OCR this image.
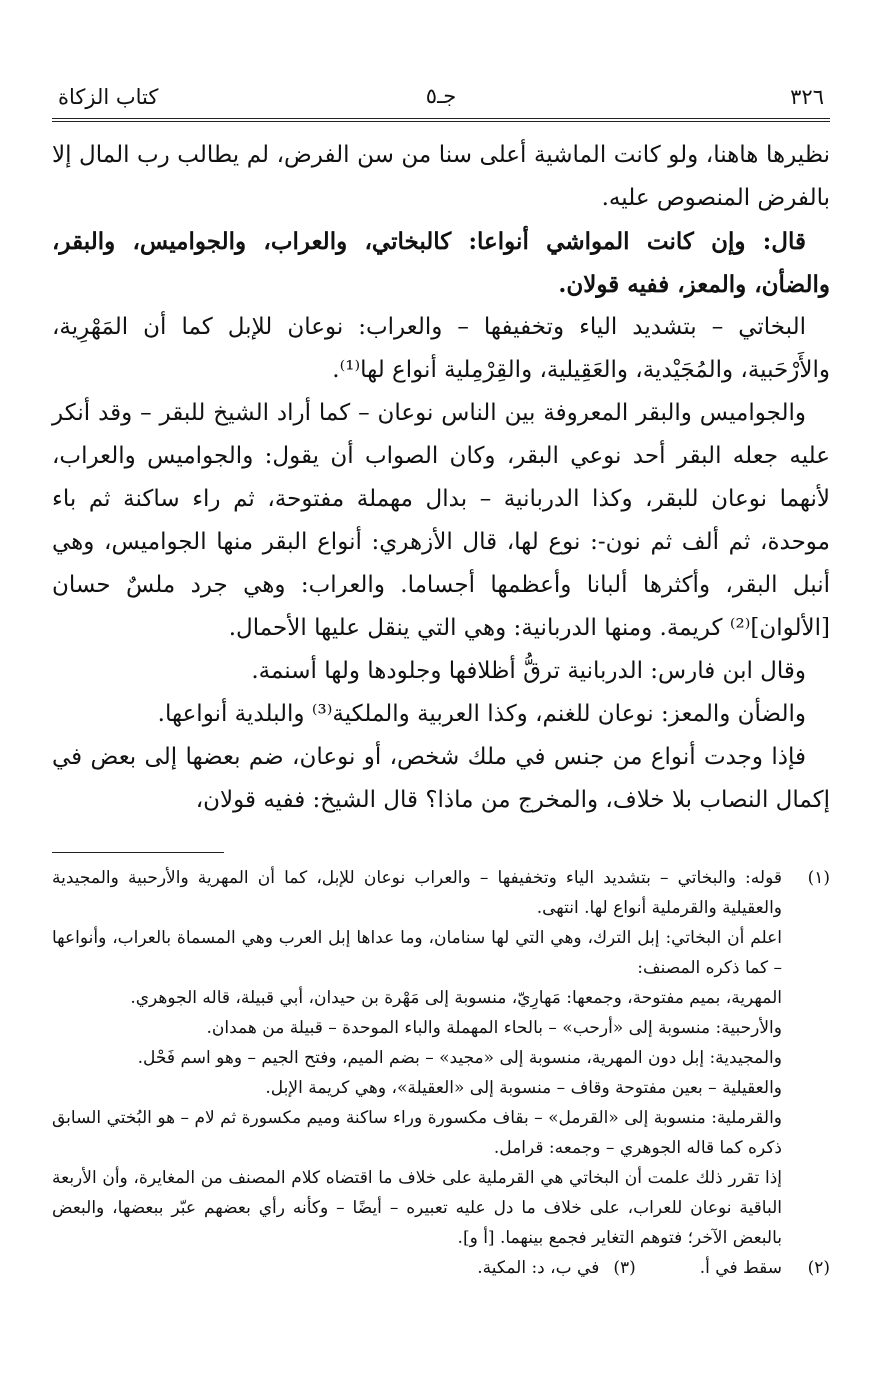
٣٢٦
جـ٥
كتاب الزكاة

نظيرها هاهنا، ولو كانت الماشية أعلى سنا من سن الفرض، لم يطالب رب المال إلا بالفرض المنصوص عليه.

قال: وإن كانت المواشي أنواعا: كالبخاتي، والعراب، والجواميس، والبقر، والضأن، والمعز، ففيه قولان.

البخاتي – بتشديد الياء وتخفيفها – والعراب: نوعان للإبل كما أن المَهْرِية، والأَرْحَبية، والمُجَيْدية، والعَقِيلية، والقِرْمِلية أنواع لها⁽¹⁾.

والجواميس والبقر المعروفة بين الناس نوعان – كما أراد الشيخ للبقر – وقد أنكر عليه جعله البقر أحد نوعي البقر، وكان الصواب أن يقول: والجواميس والعراب، لأنهما نوعان للبقر، وكذا الدربانية – بدال مهملة مفتوحة، ثم راء ساكنة ثم باء موحدة، ثم ألف ثم نون-: نوع لها، قال الأزهري: أنواع البقر منها الجواميس، وهي أنبل البقر، وأكثرها ألبانا وأعظمها أجساما. والعراب: وهي جرد ملسٌ حسان [الألوان]⁽²⁾ كريمة. ومنها الدربانية: وهي التي ينقل عليها الأحمال.

وقال ابن فارس: الدربانية ترقُّ أظلافها وجلودها ولها أسنمة.

والضأن والمعز: نوعان للغنم، وكذا العربية والملكية⁽³⁾ والبلدية أنواعها.

فإذا وجدت أنواع من جنس في ملك شخص، أو نوعان، ضم بعضها إلى بعض في إكمال النصاب بلا خلاف، والمخرج من ماذا؟ قال الشيخ: ففيه قولان،

(١)

قوله: والبخاتي – بتشديد الياء وتخفيفها – والعراب نوعان للإبل، كما أن المهرية والأرحبية والمجيدية والعقيلية والقرملية أنواع لها. انتهى.

اعلم أن البخاتي: إبل الترك، وهي التي لها سنامان، وما عداها إبل العرب وهي المسماة بالعراب، وأنواعها – كما ذكره المصنف:

المهرية، بميم مفتوحة، وجمعها: مَهارِيّ، منسوبة إلى مَهْرة بن حيدان، أبي قبيلة، قاله الجوهري.

والأرحبية: منسوبة إلى «أرحب» – بالحاء المهملة والباء الموحدة – قبيلة من همدان.

والمجيدية: إبل دون المهرية، منسوبة إلى «مجيد» – بضم الميم، وفتح الجيم – وهو اسم فَحْل.

والعقيلية – بعين مفتوحة وقاف – منسوبة إلى «العقيلة»، وهي كريمة الإبل.

والقرملية: منسوبة إلى «القرمل» – بقاف مكسورة وراء ساكنة وميم مكسورة ثم لام – هو البُختي السابق ذكره كما قاله الجوهري – وجمعه: قرامل.

إذا تقرر ذلك علمت أن البخاتي هي القرملية على خلاف ما اقتضاه كلام المصنف من المغايرة، وأن الأربعة الباقية نوعان للعراب، على خلاف ما دل عليه تعبيره – أيضًا – وكأنه رأي بعضهم عبّر ببعضها، والبعض بالبعض الآخر؛ فتوهم التغاير فجمع بينهما. [أ و].

(٢)
سقط في أ.
(٣)
في ب، د: المكية.
